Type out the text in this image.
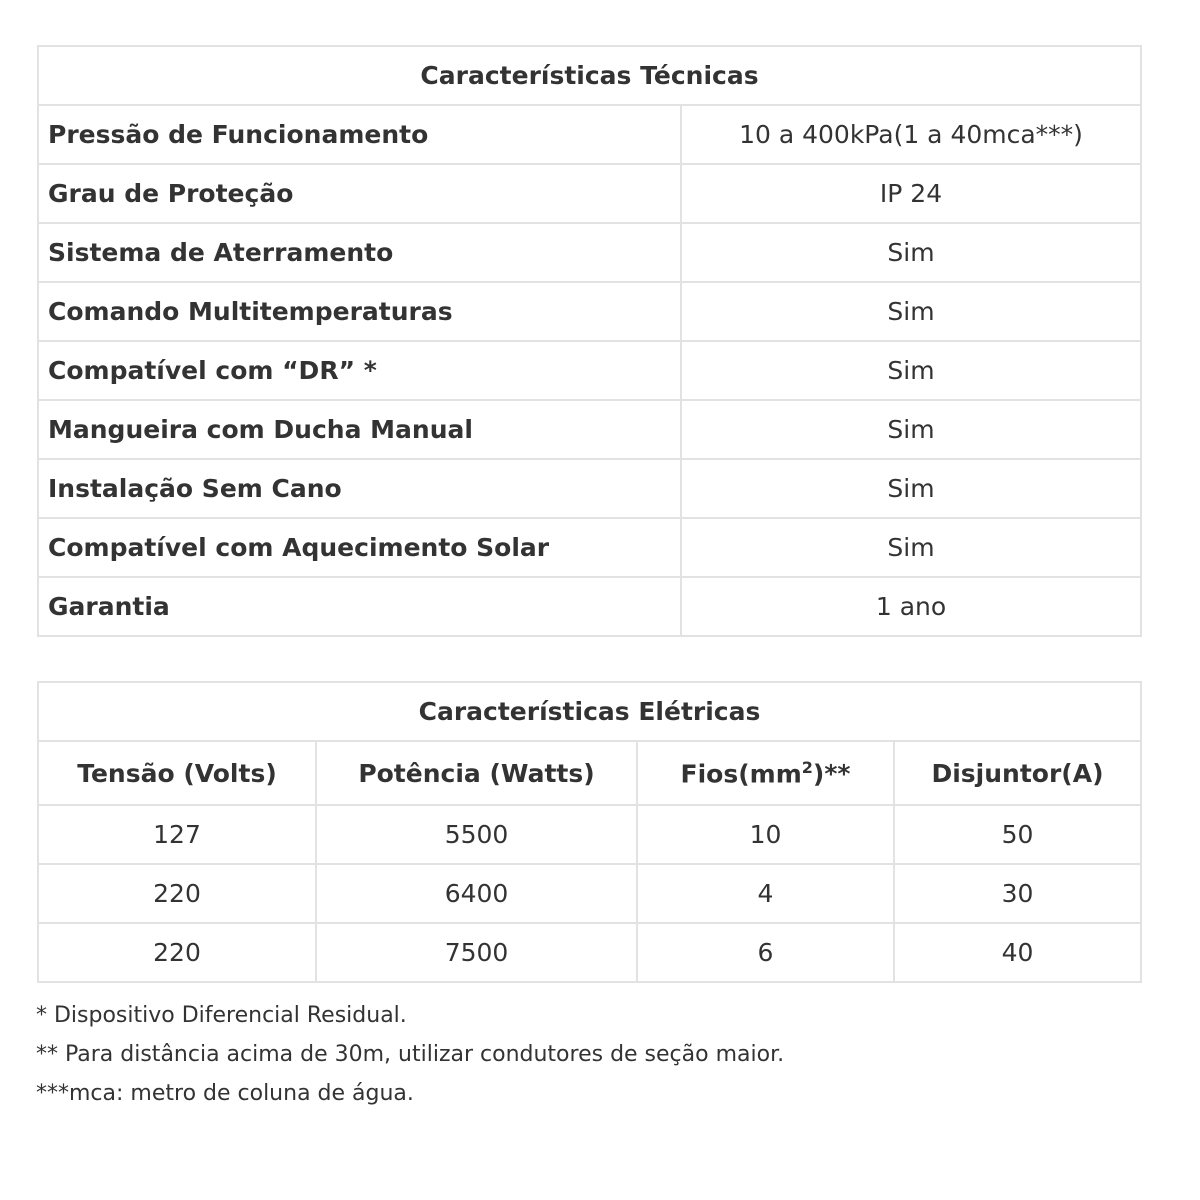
Características Técnicas	
Pressão de Funcionamento	10 a 400kPa(1 a 40mca***)
Grau de Proteção	IP 24
Sistema de Aterramento	Sim
Comando Multitemperaturas	Sim
Compatível com “DR” *	Sim
Mangueira com Ducha Manual	Sim
Instalação Sem Cano	Sim
Compatível com Aquecimento Solar	Sim
Garantia	1 ano
Características Elétricas			
Tensão (Volts)	Potência (Watts)	$Fios(mm^2)**$	Disjuntor(A)
127	5500	10	50
220	6400	4	30
220	7500	6	40
* Dispositivo Diferencial Residual.
** Para distância acima de 30m, utilizar condutores de seção maior.
***mca: metro de coluna de água.
